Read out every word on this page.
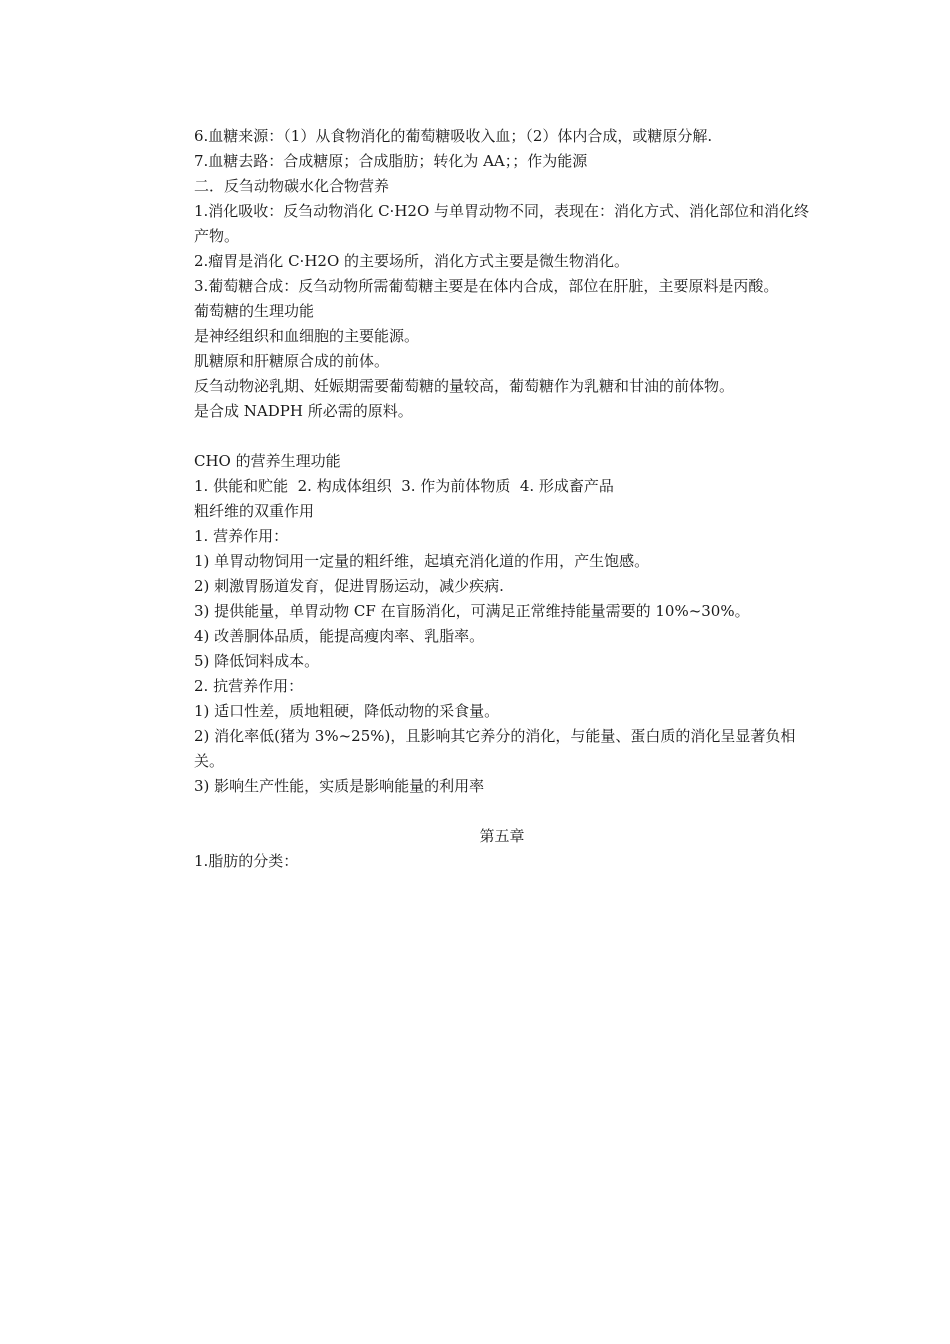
6.血糖来源：（1）从食物消化的葡萄糖吸收入血；（2）体内合成，或糖原分解.

7.血糖去路：合成糖原；合成脂肪；转化为 AA；；作为能源

二．反刍动物碳水化合物营养

1.消化吸收：反刍动物消化 C·H2O 与单胃动物不同，表现在：消化方式、消化部位和消化终产物。

2.瘤胃是消化 C·H2O 的主要场所，消化方式主要是微生物消化。

3.葡萄糖合成：反刍动物所需葡萄糖主要是在体内合成，部位在肝脏，主要原料是丙酸。

葡萄糖的生理功能

是神经组织和血细胞的主要能源。

肌糖原和肝糖原合成的前体。

反刍动物泌乳期、妊娠期需要葡萄糖的量较高，葡萄糖作为乳糖和甘油的前体物。

是合成 NADPH 所必需的原料。

CHO 的营养生理功能

1. 供能和贮能  2. 构成体组织  3. 作为前体物质  4. 形成畜产品

粗纤维的双重作用

1. 营养作用：

1) 单胃动物饲用一定量的粗纤维，起填充消化道的作用，产生饱感。

2) 刺激胃肠道发育，促进胃肠运动，减少疾病.

3) 提供能量，单胃动物 CF 在盲肠消化，可满足正常维持能量需要的 10%~30%。

4) 改善胴体品质，能提高瘦肉率、乳脂率。

5) 降低饲料成本。

2. 抗营养作用：

1) 适口性差，质地粗硬，降低动物的采食量。

2) 消化率低(猪为 3%~25%)，且影响其它养分的消化，与能量、蛋白质的消化呈显著负相关。

3) 影响生产性能，实质是影响能量的利用率

第五章

1.脂肪的分类：
